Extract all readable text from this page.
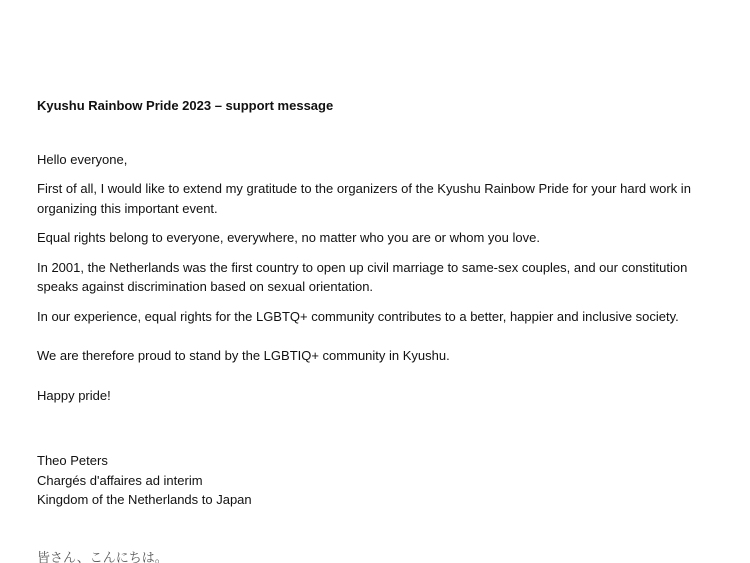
Kyushu Rainbow Pride 2023 – support message

Hello everyone,

First of all, I would like to extend my gratitude to the organizers of the Kyushu Rainbow Pride for your hard work in organizing this important event.

Equal rights belong to everyone, everywhere, no matter who you are or whom you love.

In 2001, the Netherlands was the first country to open up civil marriage to same-sex couples, and our constitution speaks against discrimination based on sexual orientation.

In our experience, equal rights for the LGBTQ+ community contributes to a better, happier and inclusive society.

We are therefore proud to stand by the LGBTIQ+ community in Kyushu.

Happy pride!

Theo Peters

Chargés d'affaires ad interim

Kingdom of the Netherlands to Japan

皆さん、こんにちは。
